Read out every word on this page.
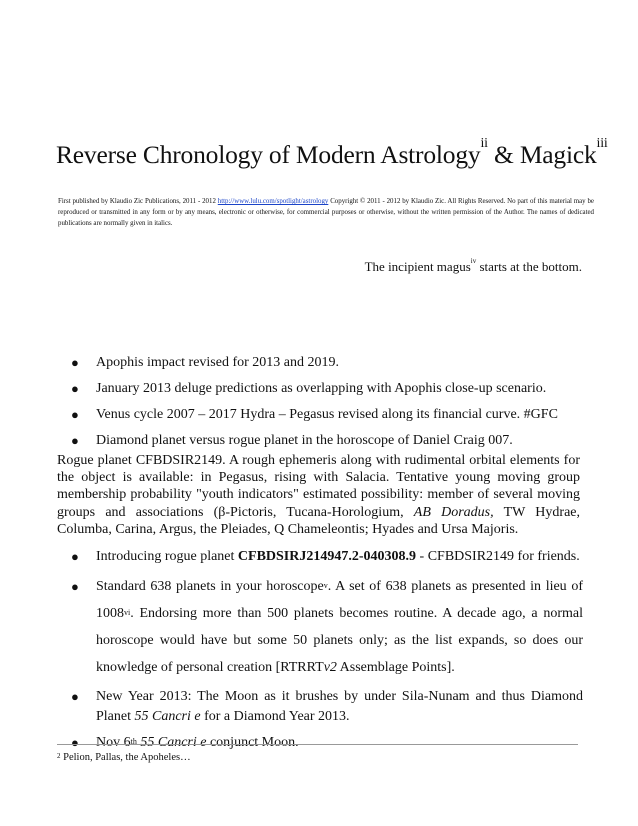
Reverse Chronology of Modern Astrology$^{ii}$ & Magick$^{iii}$
First published by Klaudio Zic Publications, 2011 - 2012 http://www.lulu.com/spotlight/astrology Copyright © 2011 - 2012 by Klaudio Zic. All Rights Reserved. No part of this material may be reproduced or transmitted in any form or by any means, electronic or otherwise, for commercial purposes or otherwise, without the written permission of the Author. The names of dedicated publications are normally given in italics.
The incipient magus$^{iv}$ starts at the bottom.
●	Apophis impact revised for 2013 and 2019.
●	January 2013 deluge predictions as overlapping with Apophis close-up scenario.
●	Venus cycle 2007 – 2017 Hydra – Pegasus revised along its financial curve. #GFC
●	Diamond planet versus rogue planet in the horoscope of Daniel Craig 007.
Rogue planet CFBDSIR2149. A rough ephemeris along with rudimental orbital elements for the object is available: in Pegasus, rising with Salacia. Tentative young moving group membership probability "youth indicators" estimated possibility: member of several moving groups and associations (β-Pictoris, Tucana-Horologium, AB Doradus, TW Hydrae, Columba, Carina, Argus, the Pleiades, Q Chameleontis; Hyades and Ursa Majoris.
●	Introducing rogue planet CFBDSIRJ214947.2-040308.9 - CFBDSIR2149 for friends.
●	Standard 638 planets in your horoscope$^v$. A set of 638 planets as presented in lieu of 1008$^{vi}$. Endorsing more than 500 planets becomes routine. A decade ago, a normal horoscope would have but some 50 planets only; as the list expands, so does our knowledge of personal creation [RTRRTv2 Assemblage Points].
●	New Year 2013: The Moon as it brushes by under Sila-Nunam and thus Diamond Planet 55 Cancri e for a Diamond Year 2013.
●	Nov 6th 55 Cancri e conjunct Moon.
$^2$ Pelion, Pallas, the Apoheles…
